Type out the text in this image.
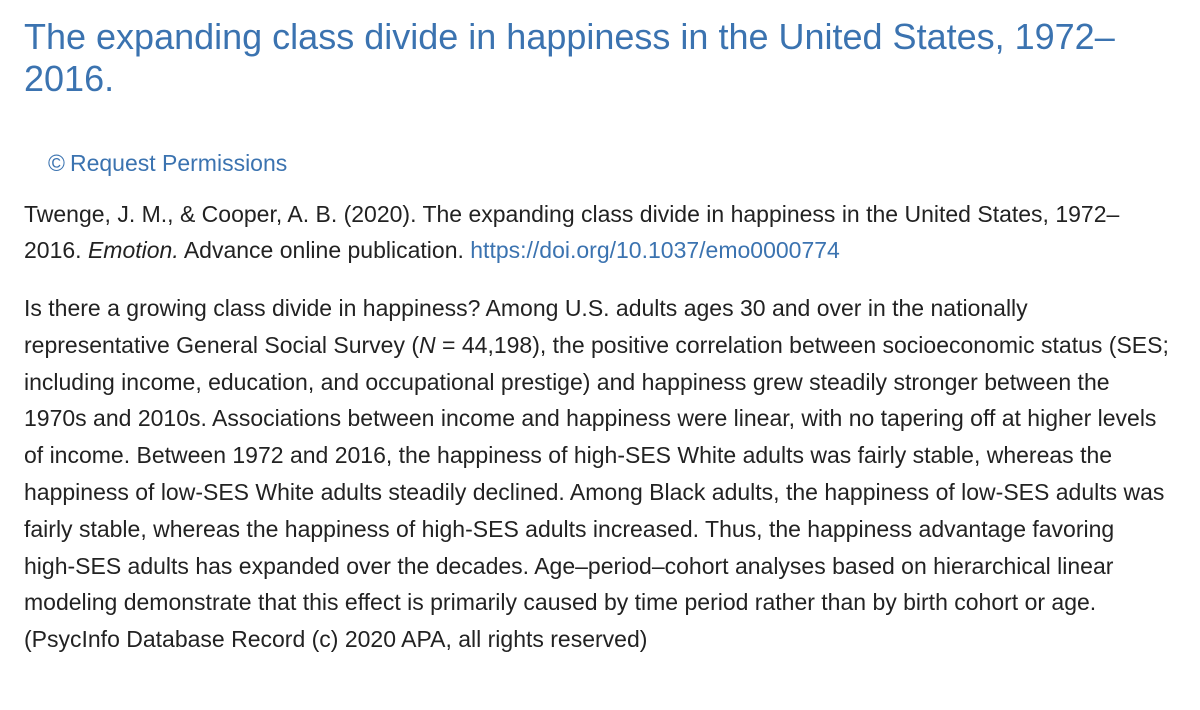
The expanding class divide in happiness in the United States, 1972–2016.
© Request Permissions
Twenge, J. M., & Cooper, A. B. (2020). The expanding class divide in happiness in the United States, 1972–2016. Emotion. Advance online publication. https://doi.org/10.1037/emo0000774
Is there a growing class divide in happiness? Among U.S. adults ages 30 and over in the nationally representative General Social Survey (N = 44,198), the positive correlation between socioeconomic status (SES; including income, education, and occupational prestige) and happiness grew steadily stronger between the 1970s and 2010s. Associations between income and happiness were linear, with no tapering off at higher levels of income. Between 1972 and 2016, the happiness of high-SES White adults was fairly stable, whereas the happiness of low-SES White adults steadily declined. Among Black adults, the happiness of low-SES adults was fairly stable, whereas the happiness of high-SES adults increased. Thus, the happiness advantage favoring high-SES adults has expanded over the decades. Age–period–cohort analyses based on hierarchical linear modeling demonstrate that this effect is primarily caused by time period rather than by birth cohort or age. (PsycInfo Database Record (c) 2020 APA, all rights reserved)
